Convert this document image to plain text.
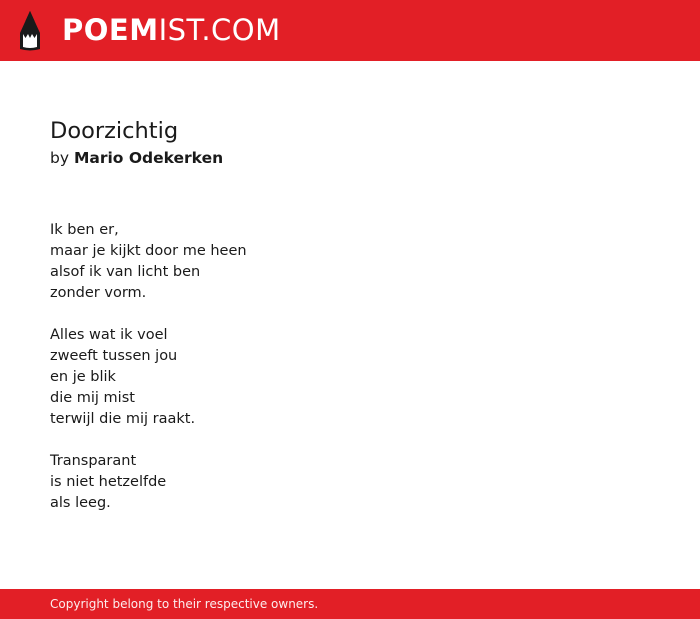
POEMIST.COM
Doorzichtig

by Mario Odekerken

Ik ben er,
maar je kijkt door me heen
alsof ik van licht ben
zonder vorm.
Alles wat ik voel
zweeft tussen jou
en je blik
die mij mist
terwijl die mij raakt.
Transparant
is niet hetzelfde
als leeg.
Copyright belong to their respective owners.
